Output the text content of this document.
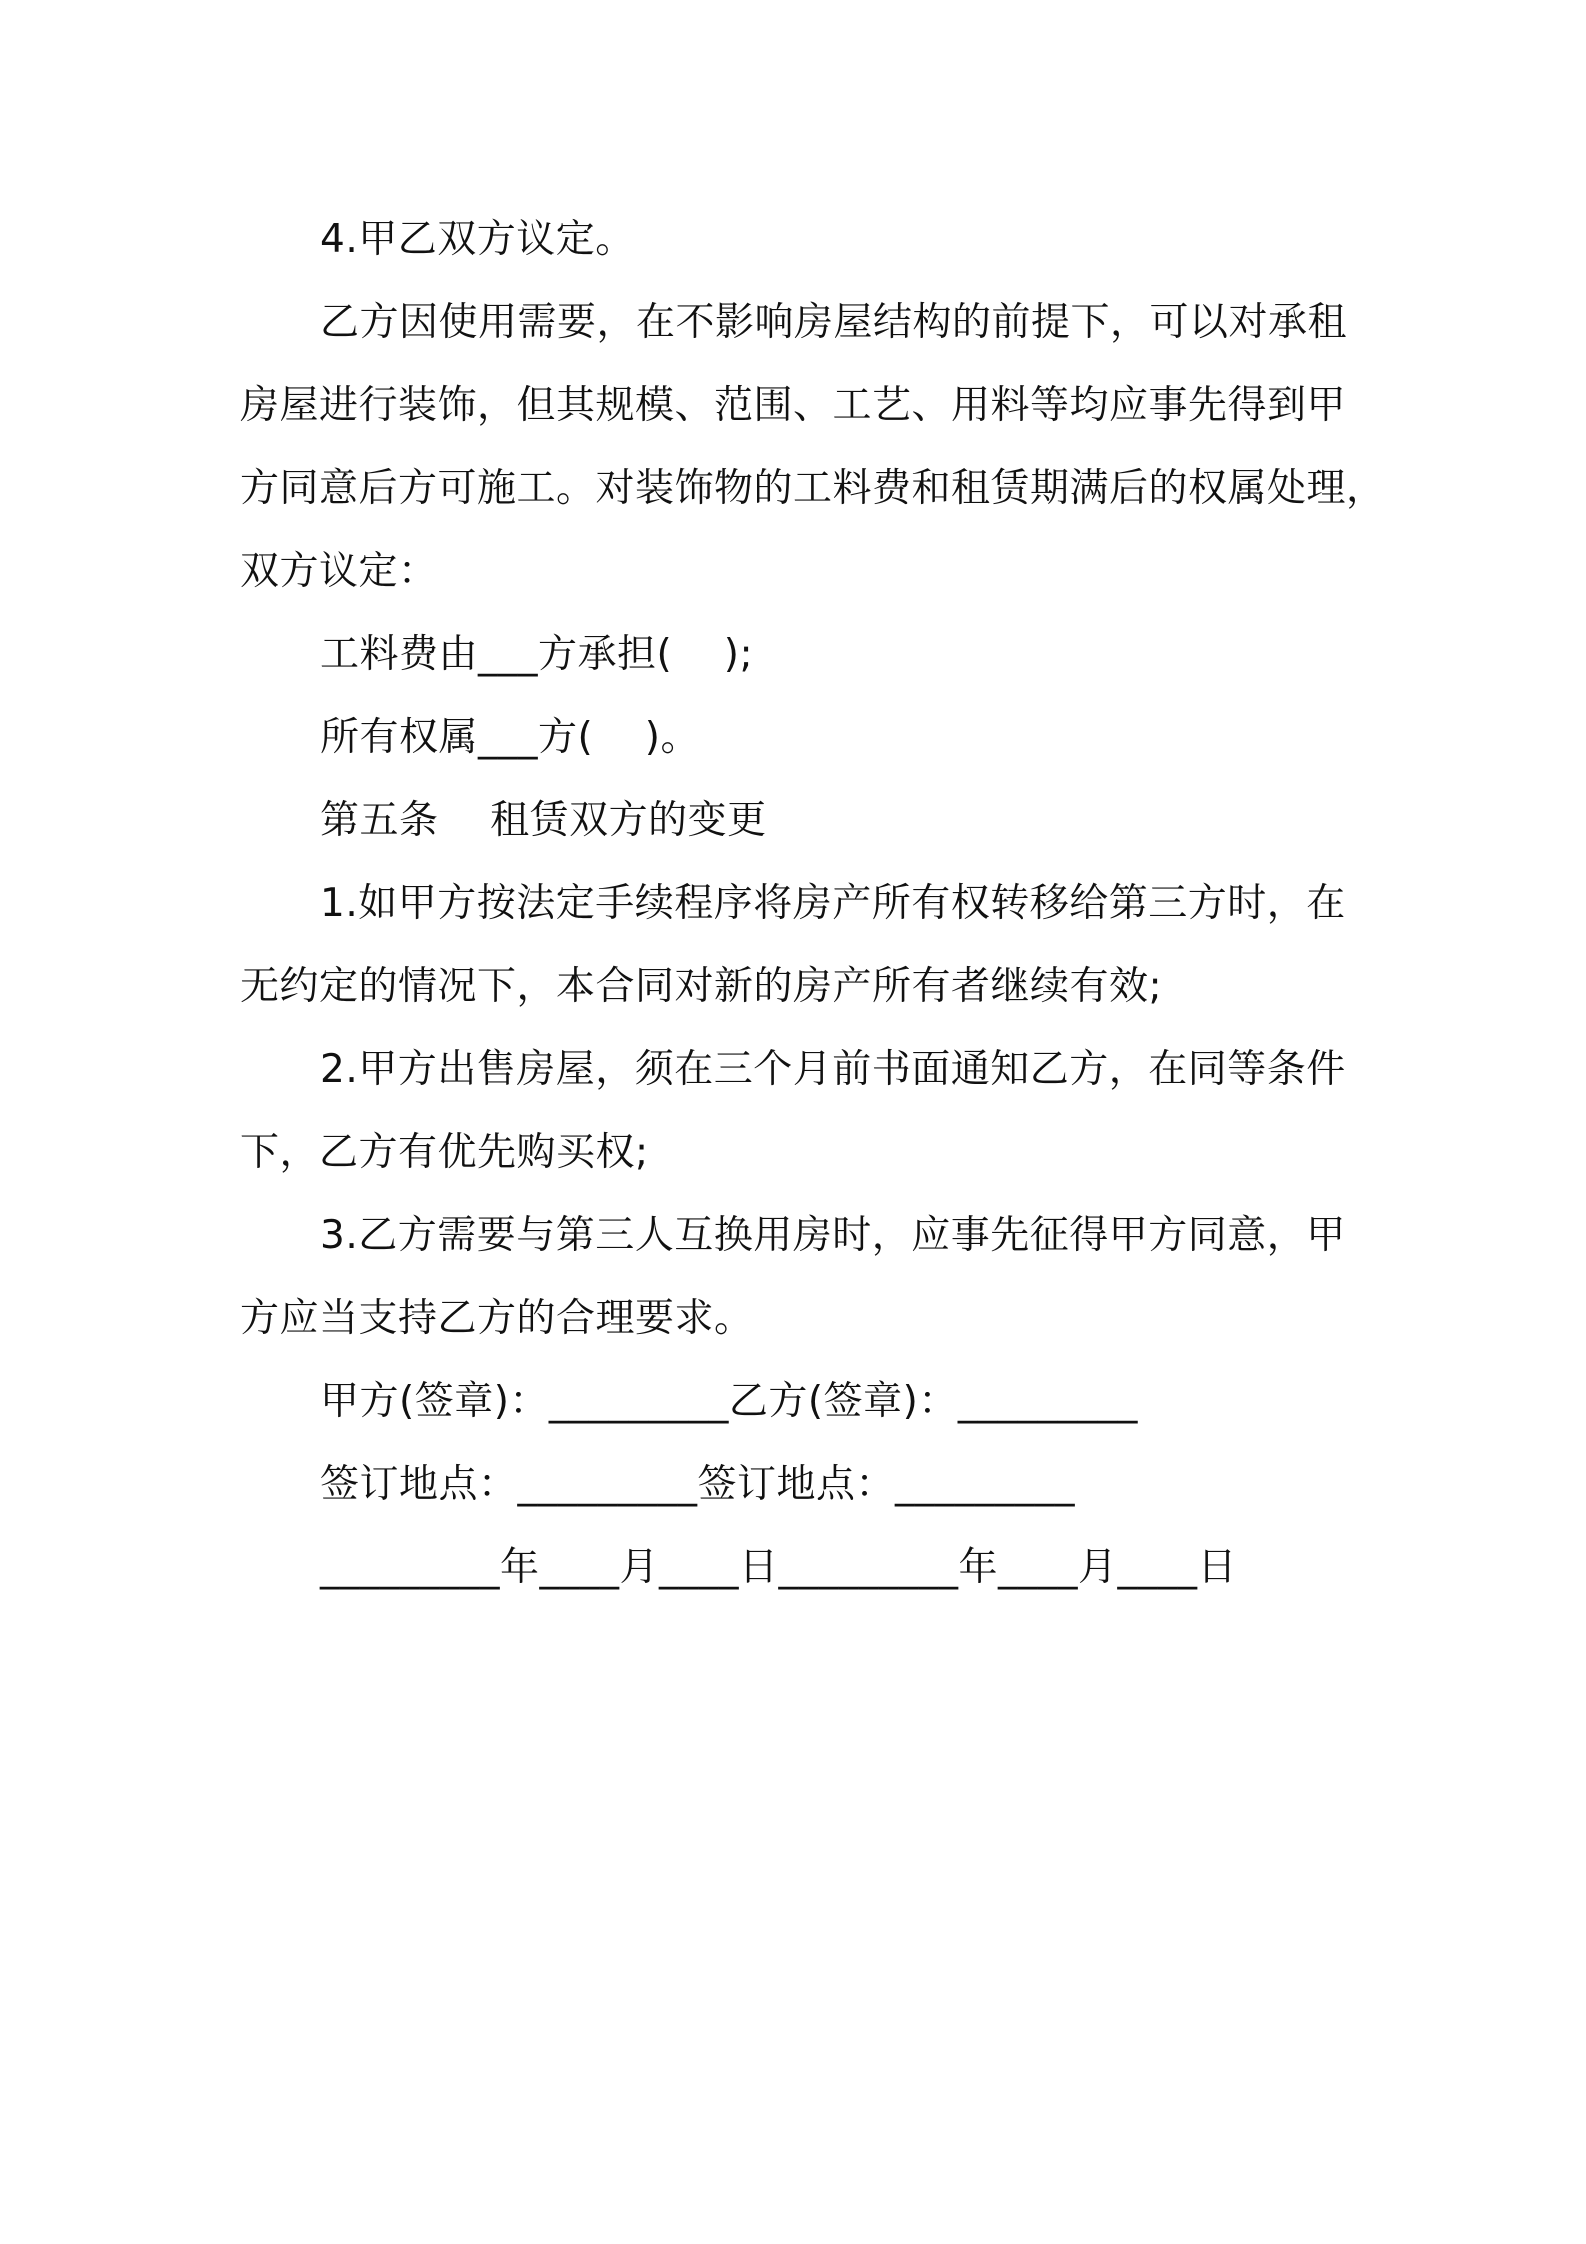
4.甲乙双方议定。
乙方因使用需要，在不影响房屋结构的前提下，可以对承租
房屋进行装饰，但其规模、范围、工艺、用料等均应事先得到甲
方同意后方可施工。对装饰物的工料费和租赁期满后的权属处理，
双方议定：
工料费由___方承担(    );
所有权属___方(    )。
第五条    租赁双方的变更
1.如甲方按法定手续程序将房产所有权转移给第三方时，在
无约定的情况下，本合同对新的房产所有者继续有效;
2.甲方出售房屋，须在三个月前书面通知乙方，在同等条件
下，乙方有优先购买权;
3.乙方需要与第三人互换用房时，应事先征得甲方同意，甲
方应当支持乙方的合理要求。
甲方(签章)：_________乙方(签章)：_________
签订地点：_________签订地点：_________
_________年____月____日_________年____月____日
